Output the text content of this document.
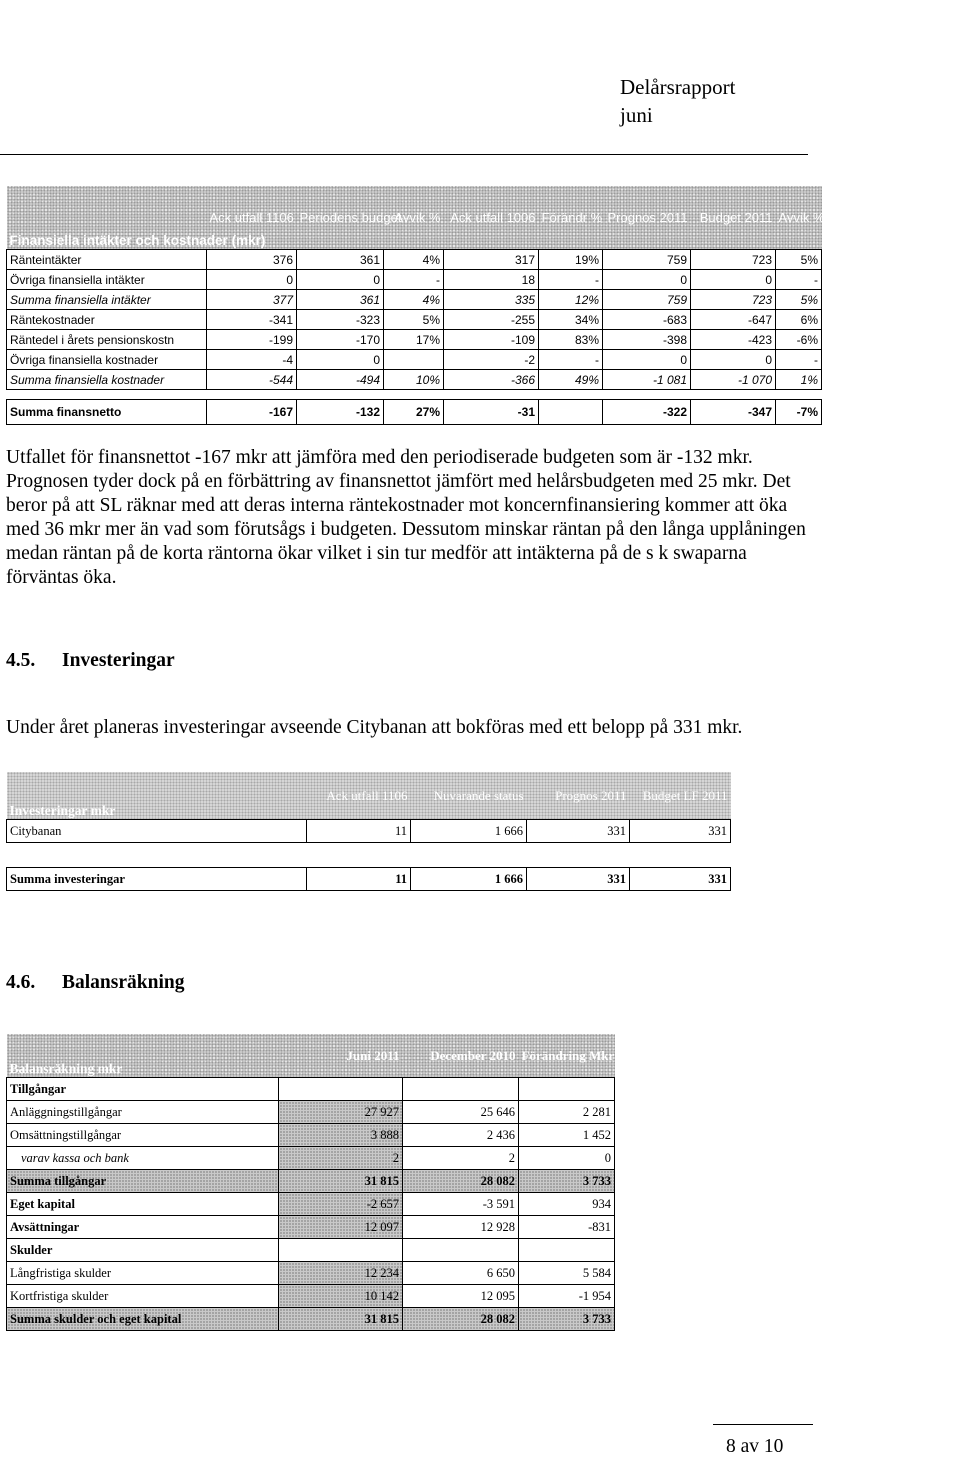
Delårsrapport
juni
Finansiella intäkter och kostnader (mkr)	Ack utfall 1106	Periodens budget	Avvik %	Ack utfall 1006	Förändr %	Prognos 2011	Budget 2011	Avvik %
Ränteintäkter	376	361	4%	317	19%	759	723	5%
Övriga finansiella intäkter	0	0	-	18	-	0	0	-
Summa finansiella intäkter	377	361	4%	335	12%	759	723	5%
Räntekostnader	-341	-323	5%	-255	34%	-683	-647	6%
Räntedel i årets pensionskostn	-199	-170	17%	-109	83%	-398	-423	-6%
Övriga finansiella kostnader	-4	0		-2	-	0	0	-
Summa finansiella kostnader	-544	-494	10%	-366	49%	-1 081	-1 070	1%

Summa finansnetto	-167	-132	27%	-31		-322	-347	-7%
Utfallet för finansnettot -167 mkr att jämföra med den periodiserade budgeten som är -132 mkr. Prognosen tyder dock på en förbättring av finansnettot jämfört med helårsbudgeten med 25 mkr. Det beror på att SL räknar med att deras interna räntekostnader mot koncernfinansiering kommer att öka med 36 mkr mer än vad som förutsågs i budgeten. Dessutom minskar räntan på den långa upplåningen medan räntan på de korta räntorna ökar vilket i sin tur medför att intäkterna på de s k swaparna förväntas öka.
4.5. Investeringar
Under året planeras investeringar avseende Citybanan att bokföras med ett belopp på 331 mkr.
Investeringar mkr	Ack utfall 1106	Nuvarande status	Prognos 2011	Budget LF 2011
Citybanan	11	1 666	331	331

Summa investeringar	11	1 666	331	331
4.6. Balansräkning
Balansräkning mkr	Juni 2011	December 2010	Förändring Mkr
Tillgångar			
Anläggningstillgångar	27 927	25 646	2 281
Omsättningstillgångar	3 888	2 436	1 452
varav kassa och bank	2	2	0
Summa tillgångar	31 815	28 082	3 733
Eget kapital	-2 657	-3 591	934
Avsättningar	12 097	12 928	-831
Skulder			
Långfristiga skulder	12 234	6 650	5 584
Kortfristiga skulder	10 142	12 095	-1 954
Summa skulder och eget kapital	31 815	28 082	3 733
8 av 10
